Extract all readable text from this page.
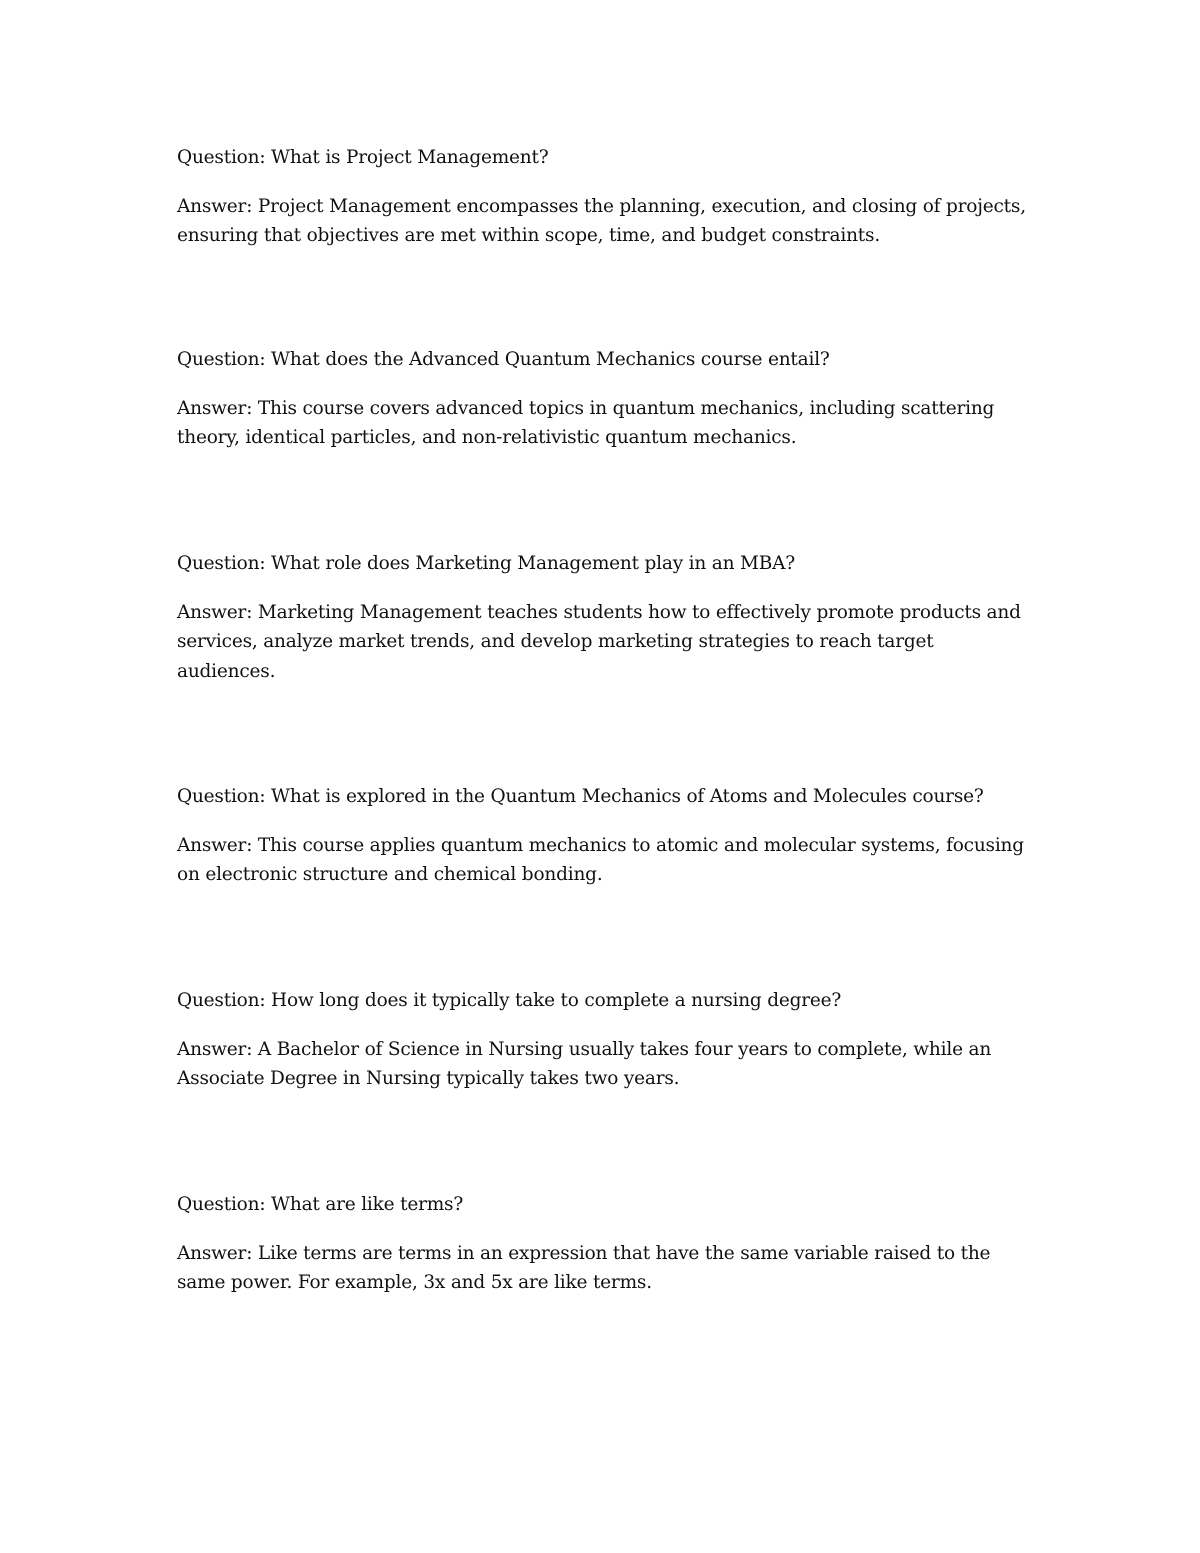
Question: What is Project Management?

Answer: Project Management encompasses the planning, execution, and closing of projects, ensuring that objectives are met within scope, time, and budget constraints.

Question: What does the Advanced Quantum Mechanics course entail?

Answer: This course covers advanced topics in quantum mechanics, including scattering theory, identical particles, and non-relativistic quantum mechanics.

Question: What role does Marketing Management play in an MBA?

Answer: Marketing Management teaches students how to effectively promote products and services, analyze market trends, and develop marketing strategies to reach target audiences.

Question: What is explored in the Quantum Mechanics of Atoms and Molecules course?

Answer: This course applies quantum mechanics to atomic and molecular systems, focusing on electronic structure and chemical bonding.

Question: How long does it typically take to complete a nursing degree?

Answer: A Bachelor of Science in Nursing usually takes four years to complete, while an Associate Degree in Nursing typically takes two years.

Question: What are like terms?

Answer: Like terms are terms in an expression that have the same variable raised to the same power. For example, 3x and 5x are like terms.
